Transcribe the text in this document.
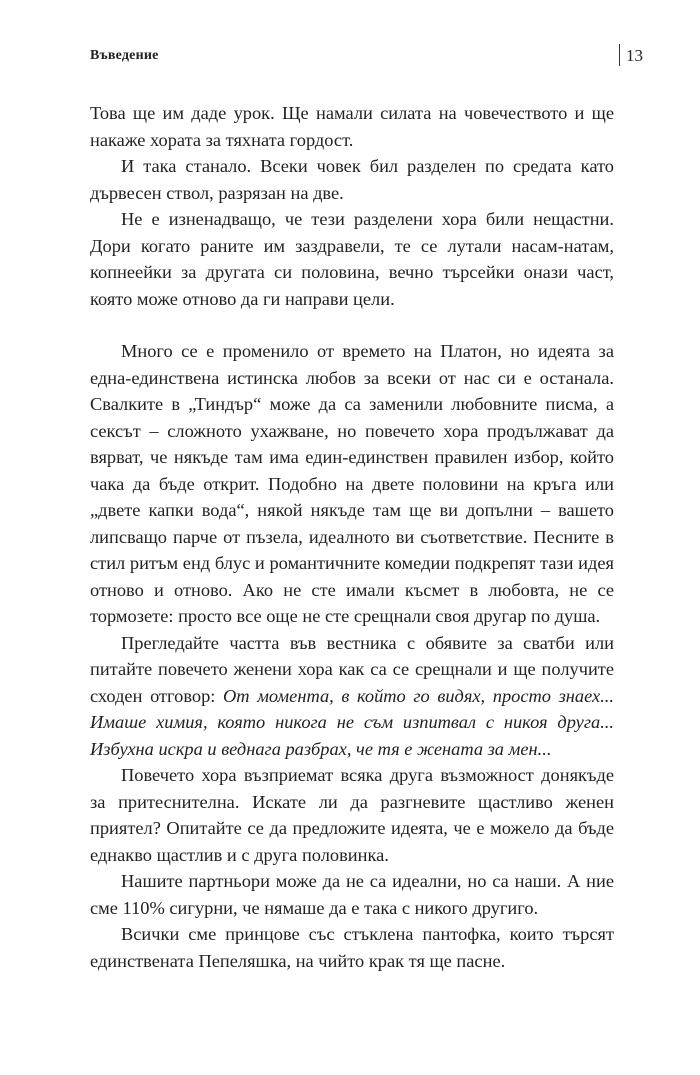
Въведение	13

Това ще им даде урок. Ще намали силата на човечеството и ще накаже хората за тяхната гордост.

И така станало. Всеки човек бил разделен по средата като дървесен ствол, разрязан на две.

Не е изненадващо, че тези разделени хора били нещастни. Дори когато раните им заздравели, те се лутали насам-натам, копнеейки за другата си половина, вечно търсейки онази част, която може отново да ги направи цели.

Много се е променило от времето на Платон, но идеята за една-единствена истинска любов за всеки от нас си е останала. Свалките в „Тиндър“ може да са заменили любовните писма, а сексът – сложното ухажване, но повечето хора продължават да вярват, че някъде там има един-единствен правилен избор, който чака да бъде открит. Подобно на двете половини на кръга или „двете капки вода“, някой някъде там ще ви допълни – вашето липсващо парче от пъзела, идеалното ви съответствие. Песните в стил ритъм енд блус и романтичните комедии подкрепят тази идея отново и отново. Ако не сте имали късмет в любовта, не се тормозете: просто все още не сте срещнали своя другар по душа.

Прегледайте частта във вестника с обявите за сватби или питайте повечето женени хора как са се срещнали и ще получите сходен отговор: От момента, в който го видях, просто знаех... Имаше химия, която никога не съм изпитвал с никоя друга... Избухна искра и веднага разбрах, че тя е жената за мен...

Повечето хора възприемат всяка друга възможност донякъде за притеснителна. Искате ли да разгневите щастливо женен приятел? Опитайте се да предложите идеята, че е можело да бъде еднакво щастлив и с друга половинка.

Нашите партньори може да не са идеални, но са наши. А ние сме 110% сигурни, че нямаше да е така с никого другиго.

Всички сме принцове със стъклена пантофка, които търсят единствената Пепеляшка, на чийто крак тя ще пасне.
